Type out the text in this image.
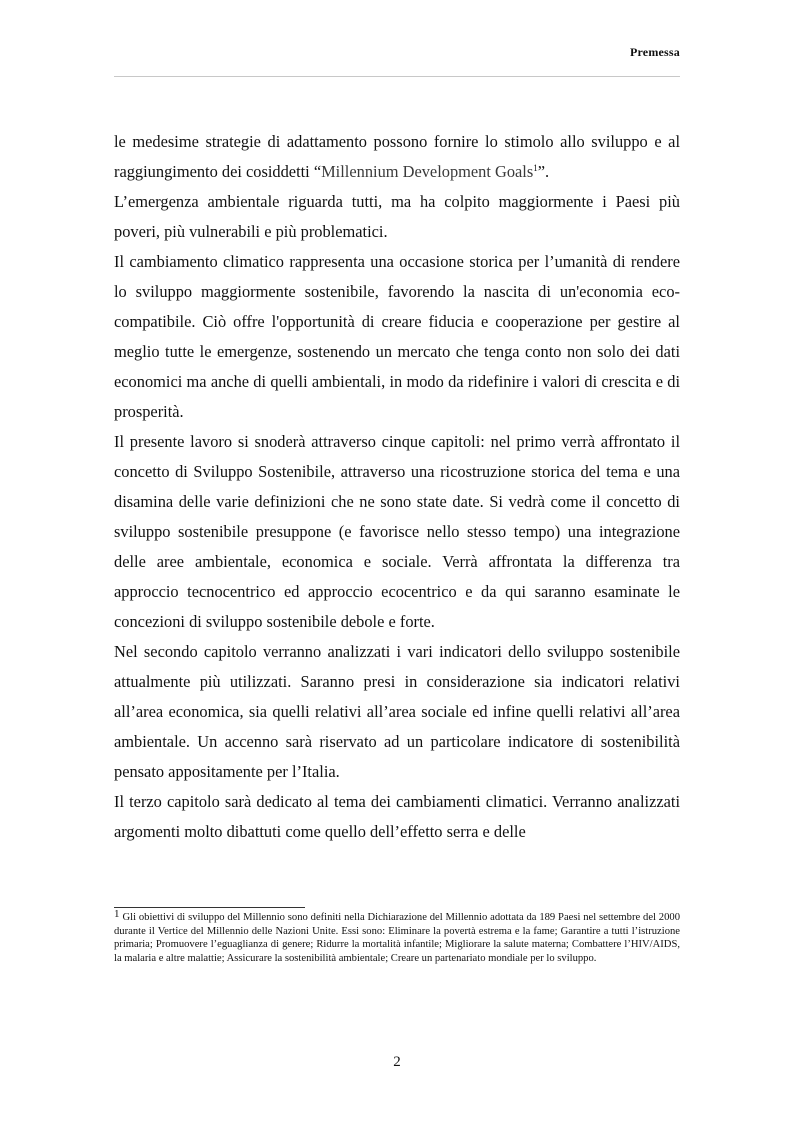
Premessa

le medesime strategie di adattamento possono fornire lo stimolo allo sviluppo e al raggiungimento dei cosiddetti “Millennium Development Goals$^1$”.

L’emergenza ambientale riguarda tutti, ma ha colpito maggiormente i Paesi più poveri, più vulnerabili e più problematici.

Il cambiamento climatico rappresenta una occasione storica per l’umanità di rendere lo sviluppo maggiormente sostenibile, favorendo la nascita di un'economia eco-compatibile. Ciò offre l'opportunità di creare fiducia e cooperazione per gestire al meglio tutte le emergenze, sostenendo un mercato che tenga conto non solo dei dati economici ma anche di quelli ambientali, in modo da ridefinire i valori di crescita e di prosperità.

Il presente lavoro si snoderà attraverso cinque capitoli: nel primo verrà affrontato il concetto di Sviluppo Sostenibile, attraverso una ricostruzione storica del tema e una disamina delle varie definizioni che ne sono state date. Si vedrà come il concetto di sviluppo sostenibile presuppone (e favorisce nello stesso tempo) una integrazione delle aree ambientale, economica e sociale. Verrà affrontata la differenza tra approccio tecnocentrico ed approccio ecocentrico e da qui saranno esaminate le concezioni di sviluppo sostenibile debole e forte.

Nel secondo capitolo verranno analizzati i vari indicatori dello sviluppo sostenibile attualmente più utilizzati. Saranno presi in considerazione sia indicatori relativi all’area economica, sia quelli relativi all’area sociale ed infine quelli relativi all’area ambientale. Un accenno sarà riservato ad un particolare indicatore di sostenibilità pensato appositamente per l’Italia.

Il terzo capitolo sarà dedicato al tema dei cambiamenti climatici. Verranno analizzati argomenti molto dibattuti come quello dell’effetto serra e delle

1 Gli obiettivi di sviluppo del Millennio sono definiti nella Dichiarazione del Millennio adottata da 189 Paesi nel settembre del 2000 durante il Vertice del Millennio delle Nazioni Unite. Essi sono: Eliminare la povertà estrema e la fame; Garantire a tutti l’istruzione primaria; Promuovere l’eguaglianza di genere; Ridurre la mortalità infantile; Migliorare la salute materna; Combattere l’HIV/AIDS, la malaria e altre malattie; Assicurare la sostenibilità ambientale; Creare un partenariato mondiale per lo sviluppo.
2
